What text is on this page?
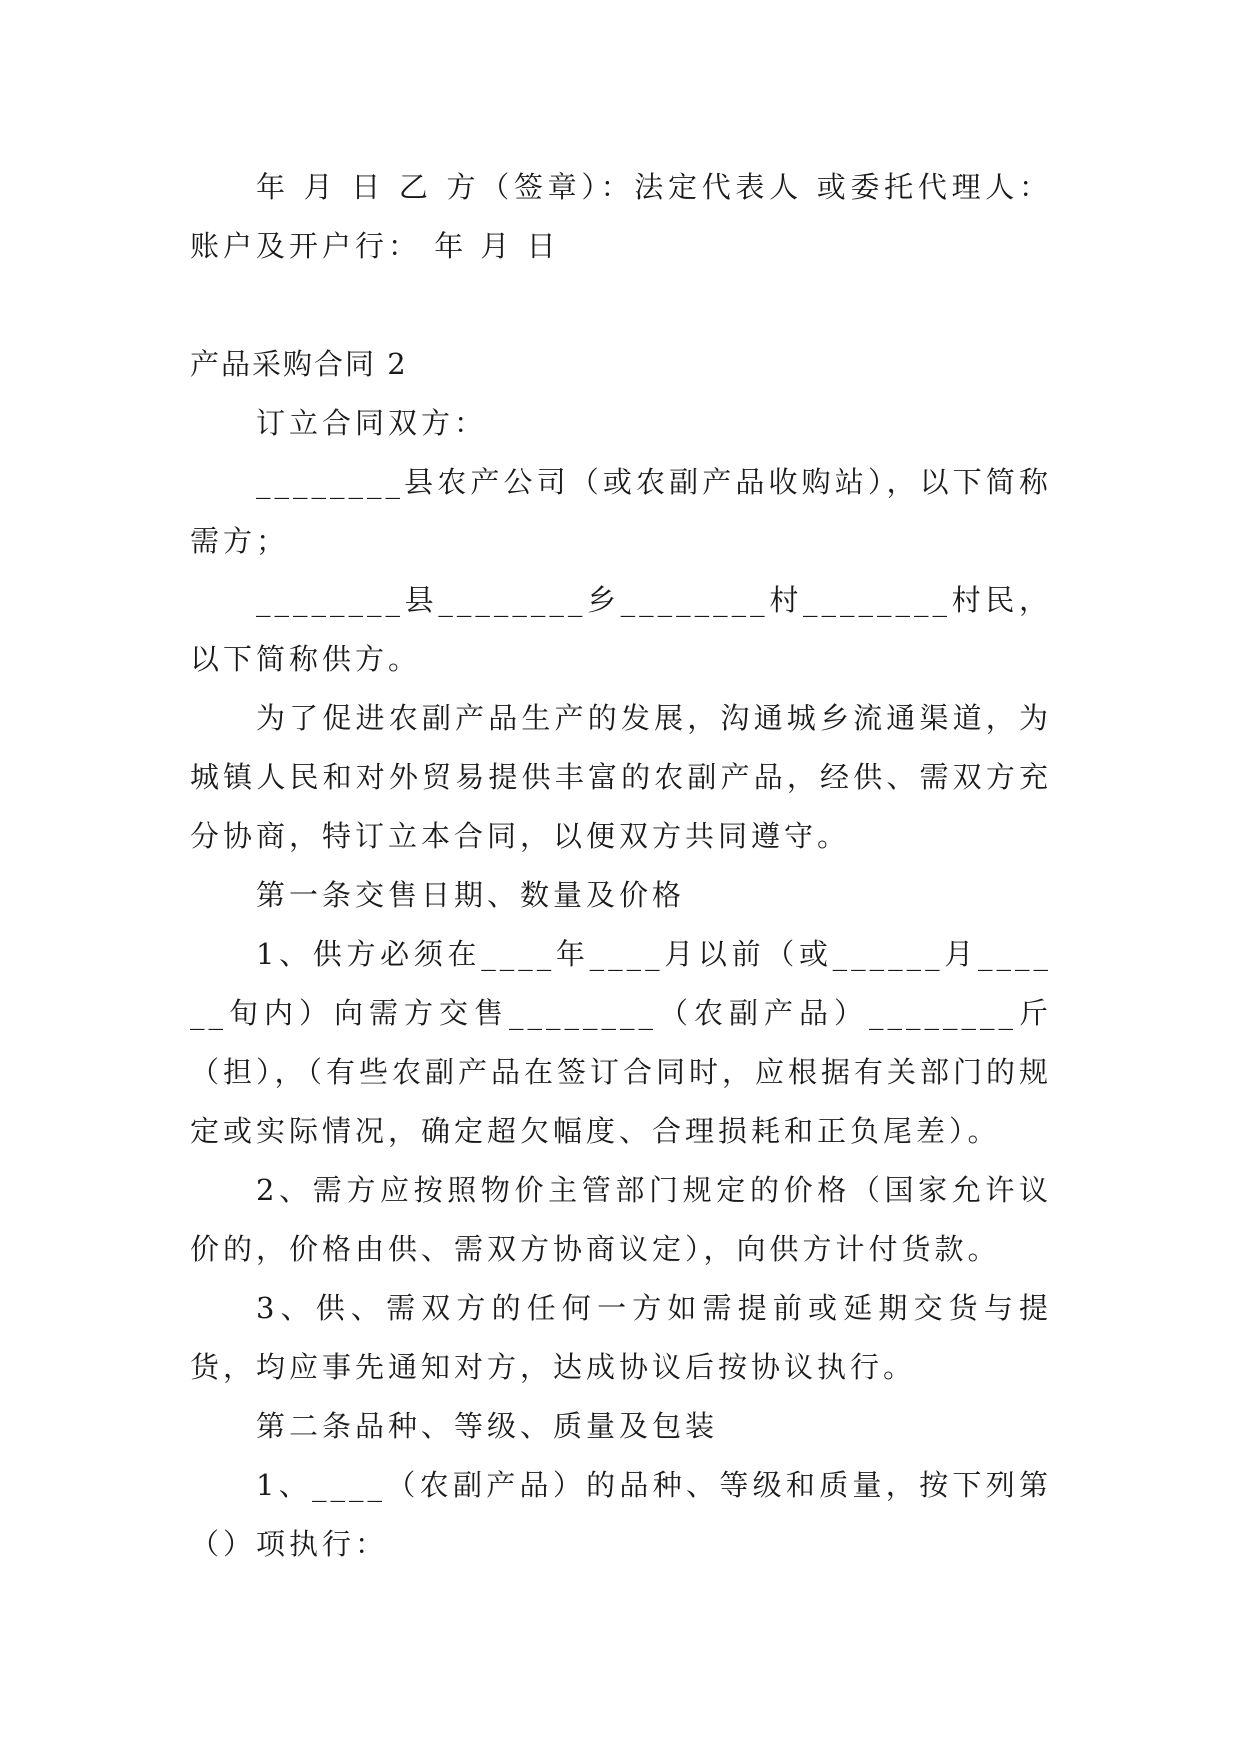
年 月 日 乙 方（签章）：法定代表人 或委托代理人：账户及开户行： 年 月 日

产品采购合同 2

订立合同双方：

________县农产公司（或农副产品收购站），以下简称需方；

________县________乡________村________村民，以下简称供方。

为了促进农副产品生产的发展，沟通城乡流通渠道，为城镇人民和对外贸易提供丰富的农副产品，经供、需双方充分协商，特订立本合同，以便双方共同遵守。

第一条交售日期、数量及价格

1、供方必须在____年____月以前（或______月______旬内）向需方交售________（农副产品）________斤（担），（有些农副产品在签订合同时，应根据有关部门的规定或实际情况，确定超欠幅度、合理损耗和正负尾差）。

2、需方应按照物价主管部门规定的价格（国家允许议价的，价格由供、需双方协商议定），向供方计付货款。

3、供、需双方的任何一方如需提前或延期交货与提货，均应事先通知对方，达成协议后按协议执行。

第二条品种、等级、质量及包装

1、____（农副产品）的品种、等级和质量，按下列第（）项执行：
